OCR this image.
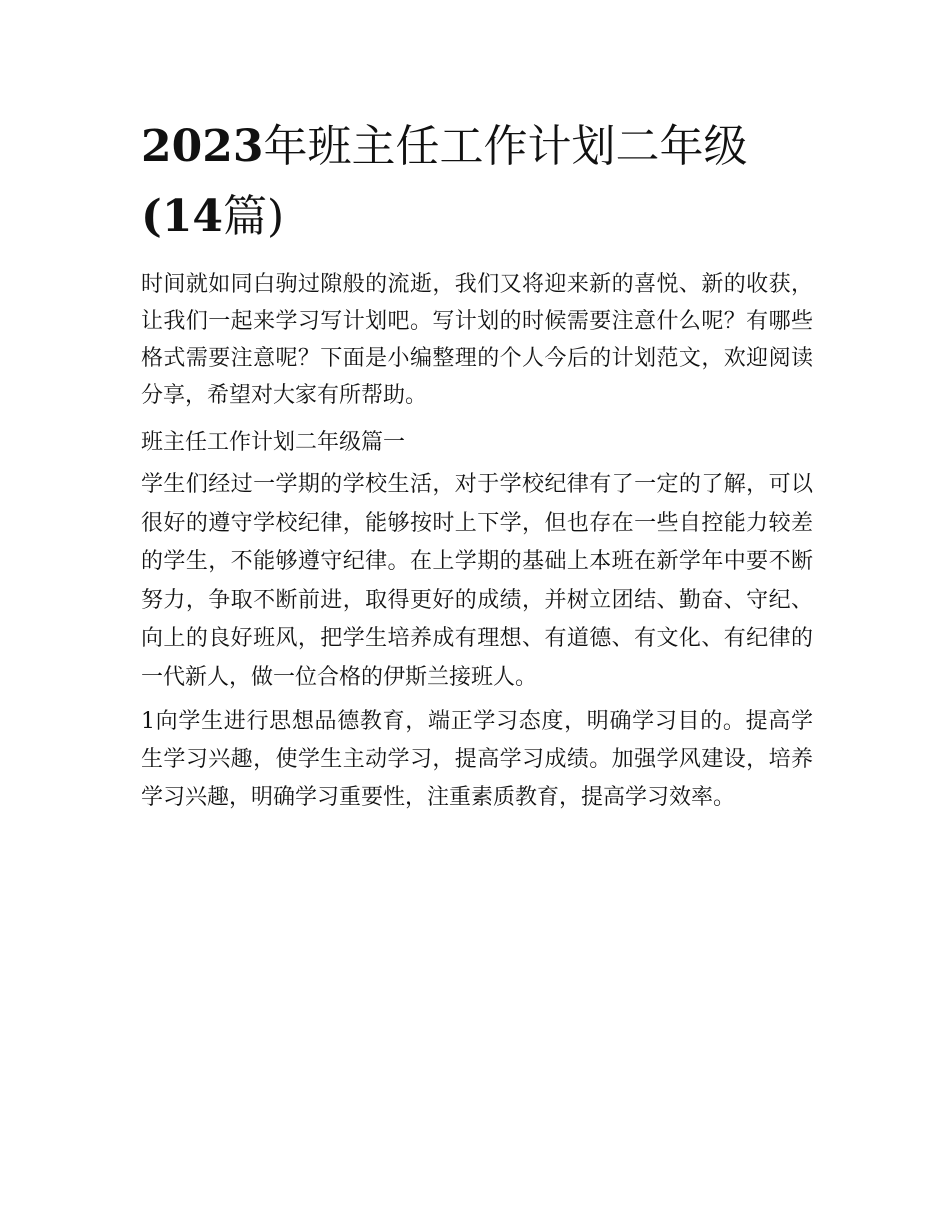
2023年班主任工作计划二年级
(14篇)

时间就如同白驹过隙般的流逝，我们又将迎来新的喜悦、新的收获，让我们一起来学习写计划吧。写计划的时候需要注意什么呢？有哪些格式需要注意呢？下面是小编整理的个人今后的计划范文，欢迎阅读分享，希望对大家有所帮助。

班主任工作计划二年级篇一

学生们经过一学期的学校生活，对于学校纪律有了一定的了解，可以很好的遵守学校纪律，能够按时上下学，但也存在一些自控能力较差的学生，不能够遵守纪律。在上学期的基础上本班在新学年中要不断努力，争取不断前进，取得更好的成绩，并树立团结、勤奋、守纪、向上的良好班风，把学生培养成有理想、有道德、有文化、有纪律的一代新人，做一位合格的伊斯兰接班人。

1向学生进行思想品德教育，端正学习态度，明确学习目的。提高学生学习兴趣，使学生主动学习，提高学习成绩。加强学风建设，培养学习兴趣，明确学习重要性，注重素质教育，提高学习效率。
